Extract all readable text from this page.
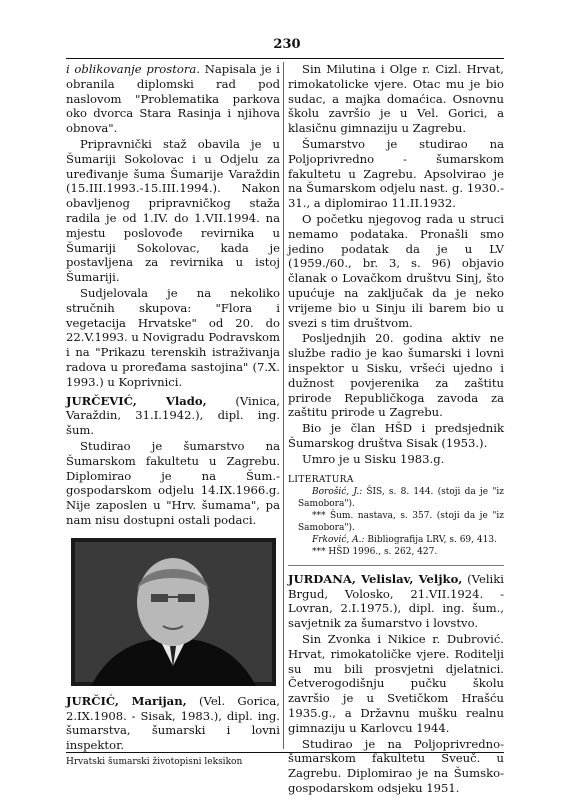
230

i oblikovanje prostora. Napisala je i obranila diplomski rad pod naslovom "Problematika parkova oko dvorca Stara Rasinja i njihova obnova".

Pripravnički staž obavila je u Šumariji Sokolovac i u Odjelu za uređivanje šuma Šumarije Varaždin (15.III.1993.-15.III.1994.). Nakon obavljenog pripravničkog staža radila je od 1.IV. do 1.VII.1994. na mjestu poslovođe revirnika u Šumariji Sokolovac, kada je postavljena za revirnika u istoj Šumariji.

Sudjelovala je na nekoliko stručnih skupova: "Flora i vegetacija Hrvatske" od 20. do 22.V.1993. u Novigradu Podravskom i na "Prikazu terenskih istraživanja radova u proređama sastojina" (7.X. 1993.) u Koprivnici.

JURČEVIĆ, Vlado, (Vinica, Varaždin, 31.I.1942.), dipl. ing. šum.

Studirao je šumarstvo na Šumarskom fakultetu u Zagrebu. Diplomirao je na Šum.-gospodarskom odjelu 14.IX.1966.g. Nije zaposlen u "Hrv. šumama", pa nam nisu dostupni ostali podaci.

JURČIĆ, Marijan, (Vel. Gorica, 2.IX.1908. - Sisak, 1983.), dipl. ing. šumarstva, šumarski i lovni inspektor.

Sin Milutina i Olge r. Cizl. Hrvat, rimokatolicke vjere. Otac mu je bio sudac, a majka domaćica. Osnovnu školu završio je u Vel. Gorici, a klasičnu gimnaziju u Zagrebu.

Šumarstvo je studirao na Poljoprivredno - šumarskom fakultetu u Zagrebu. Apsolvirao je na Šumarskom odjelu nast. g. 1930.- 31., a diplomirao 11.II.1932.

O početku njegovog rada u struci nemamo podataka. Pronašli smo jedino podatak da je u LV (1959./60., br. 3, s. 96) objavio članak o Lovačkom društvu Sinj, što upućuje na zaključak da je neko vrijeme bio u Sinju ili barem bio u svezi s tim društvom.

Posljednjih 20. godina aktiv ne službe radio je kao šumarski i lovni inspektor u Sisku, vršeći ujedno i dužnost povjerenika za zaštitu prirode Republičkoga zavoda za zaštitu prirode u Zagrebu.

Bio je član HŠD i predsjednik Šumarskog društva Sisak (1953.).

Umro je u Sisku 1983.g.

LITERATURA

Borošić, J.: ŠIS, s. 8. 144. (stoji da je "iz Samobora").

*** Šum. nastava, s. 357. (stoji da je "iz Samobora").

Frković, A.: Bibliografija LRV, s. 69, 413.

*** HŠD 1996., s. 262, 427.

JURDANA, Velislav, Veljko, (Veliki Brgud, Volosko, 21.VII.1924. - Lovran, 2.I.1975.), dipl. ing. šum., savjetnik za šumarstvo i lovstvo.

Sin Zvonka i Nikice r. Dubrović. Hrvat, rimokatoličke vjere. Roditelji su mu bili prosvjetni djelatnici. Četverogodišnju pučku školu završio je u Svetičkom Hrašću 1935.g., a Državnu mušku realnu gimnaziju u Karlovcu 1944.

Studirao je na Poljoprivredno-šumarskom fakultetu Sveuč. u Zagrebu. Diplomirao je na Šumsko-gospodarskom odsjeku 1951.

Hrvatski šumarski životopisni leksikon
